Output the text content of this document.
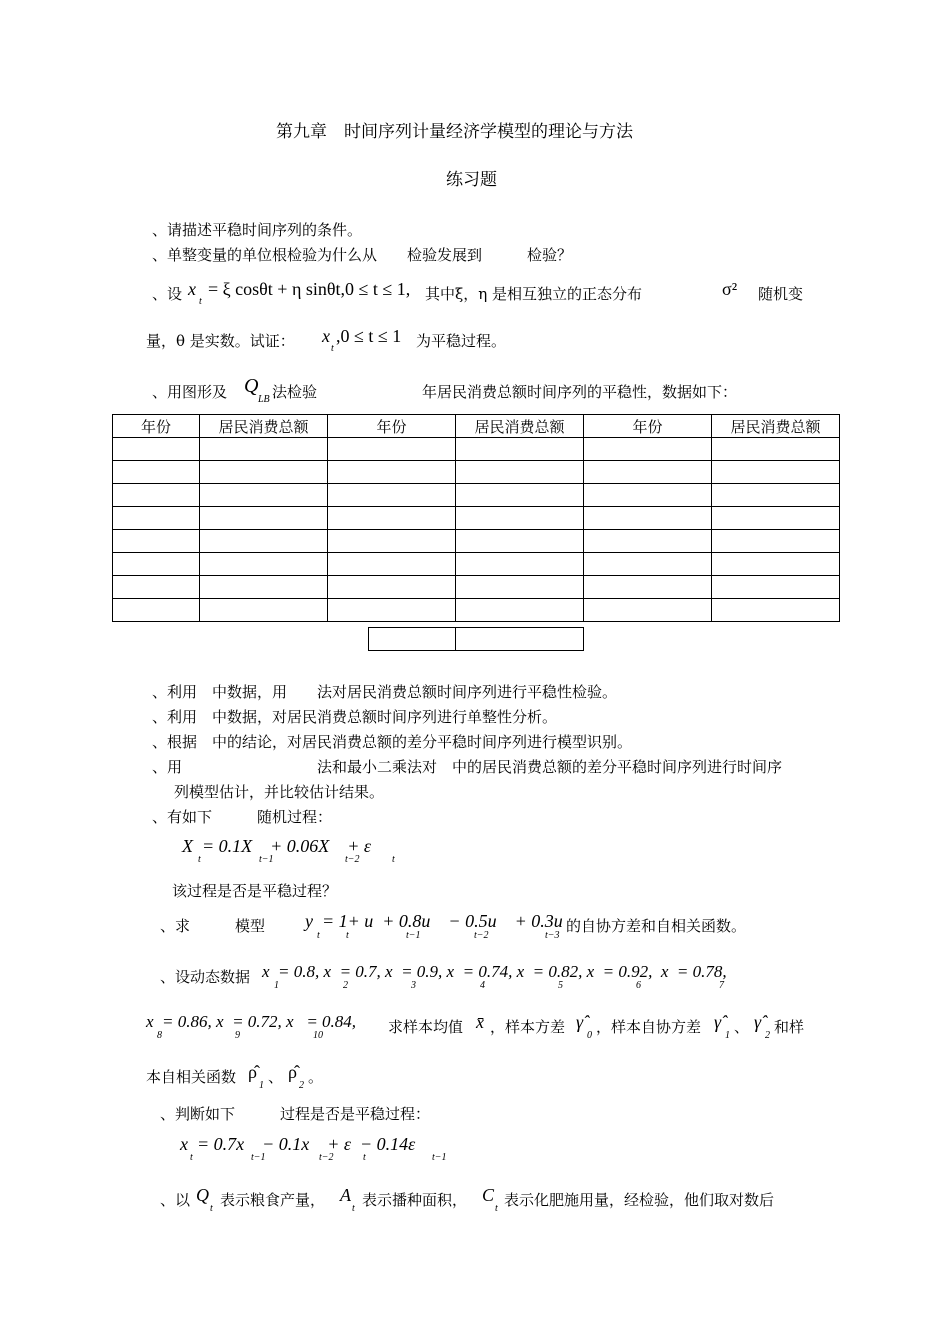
第九章　时间序列计量经济学模型的理论与方法
练习题
、请描述平稳时间序列的条件。
、单整变量的单位根检验为什么从　　检验发展到　　　检验？
、设 x
t
= ξ cosθt + η sinθt,0 ≤ t ≤ 1, 其中ξ，η 是相互独立的正态分布	σ² 随机变
量，θ 是实数。试证： x
t
,0 ≤ t ≤ 1 为平稳过程。
、用图形及 Q
LB 法检验　　　　　　　年居民消费总额时间序列的平稳性，数据如下：
年份	居民消费总额	年份	居民消费总额	年份	居民消费总额

、利用　中数据，用　　法对居民消费总额时间序列进行平稳性检验。
、利用　中数据，对居民消费总额时间序列进行单整性分析。
、根据　中的结论，对居民消费总额的差分平稳时间序列进行模型识别。
、用　　　　　　　　　法和最小二乘法对　中的居民消费总额的差分平稳时间序列进行时间序
列模型估计，并比较估计结果。
、有如下　　　随机过程：
X  = 0.1X    + 0.06X    + ε
t	t−1	t−2	t
该过程是否是平稳过程？
、求　　　模型 y  = 1+ u  + 0.8u    − 0.5u    + 0.3u
t	t	t−1	t−2	t−3
的自协方差和自相关函数。
、设动态数据 x  = 0.8, x  = 0.7, x  = 0.9, x  = 0.74, x  = 0.82, x  = 0.92,  x  = 0.78,
1	2	3	4	5	6	7
x  = 0.86, x  = 0.72, x   = 0.84,
8	9	10	求样本均值 x̄ ，样本方差 γ̂
0 ，样本自协方差 γ̂
1 、 γ̂
2 和样
本自相关函数 ρ̂
1 、 ρ̂
2 。
、判断如下　　　过程是否是平稳过程：
x  = 0.7x    − 0.1x    + ε  − 0.14ε
t	t−1	t−2	t	t−1
、以 Q
t 表示粮食产量， A
t 表示播种面积， C
t 表示化肥施用量，经检验，他们取对数后
